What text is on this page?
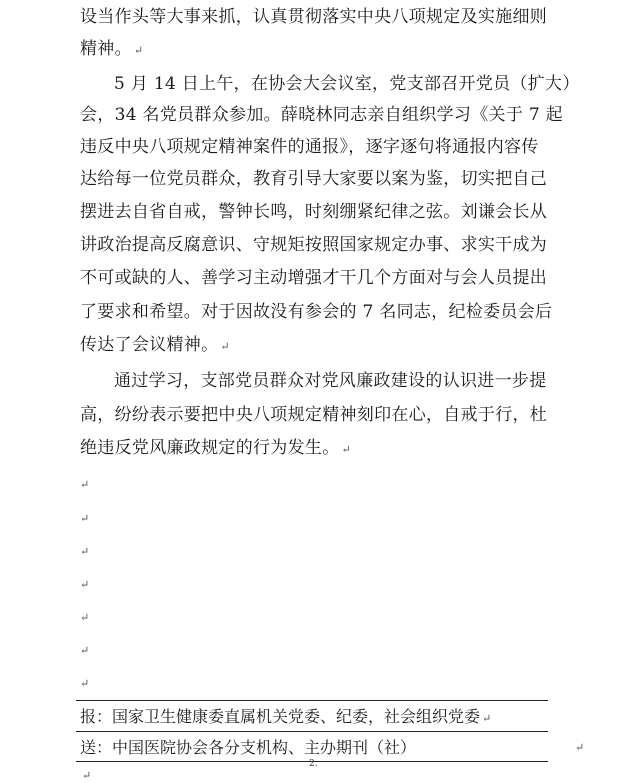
设当作头等大事来抓，认真贯彻落实中央八项规定及实施细则
精神。 ↵
5 月 14 日上午，在协会大会议室，党支部召开党员（扩大）
会，34 名党员群众参加。薛晓林同志亲自组织学习《关于 7 起
违反中央八项规定精神案件的通报》，逐字逐句将通报内容传
达给每一位党员群众，教育引导大家要以案为鉴，切实把自己
摆进去自省自戒，警钟长鸣，时刻绷紧纪律之弦。刘谦会长从
讲政治提高反腐意识、守规矩按照国家规定办事、求实干成为
不可或缺的人、善学习主动增强才干几个方面对与会人员提出
了要求和希望。对于因故没有参会的 7 名同志，纪检委员会后
传达了会议精神。 ↵
通过学习，支部党员群众对党风廉政建设的认识进一步提
高，纷纷表示要把中央八项规定精神刻印在心，自戒于行，杜
绝违反党风廉政规定的行为发生。 ↵
↵
↵
↵
↵
↵
↵
↵
报：国家卫生健康委直属机关党委、纪委，社会组织党委 ↵
送：中国医院协会各分支机构、主办期刊（社）	↵
2.
↵
